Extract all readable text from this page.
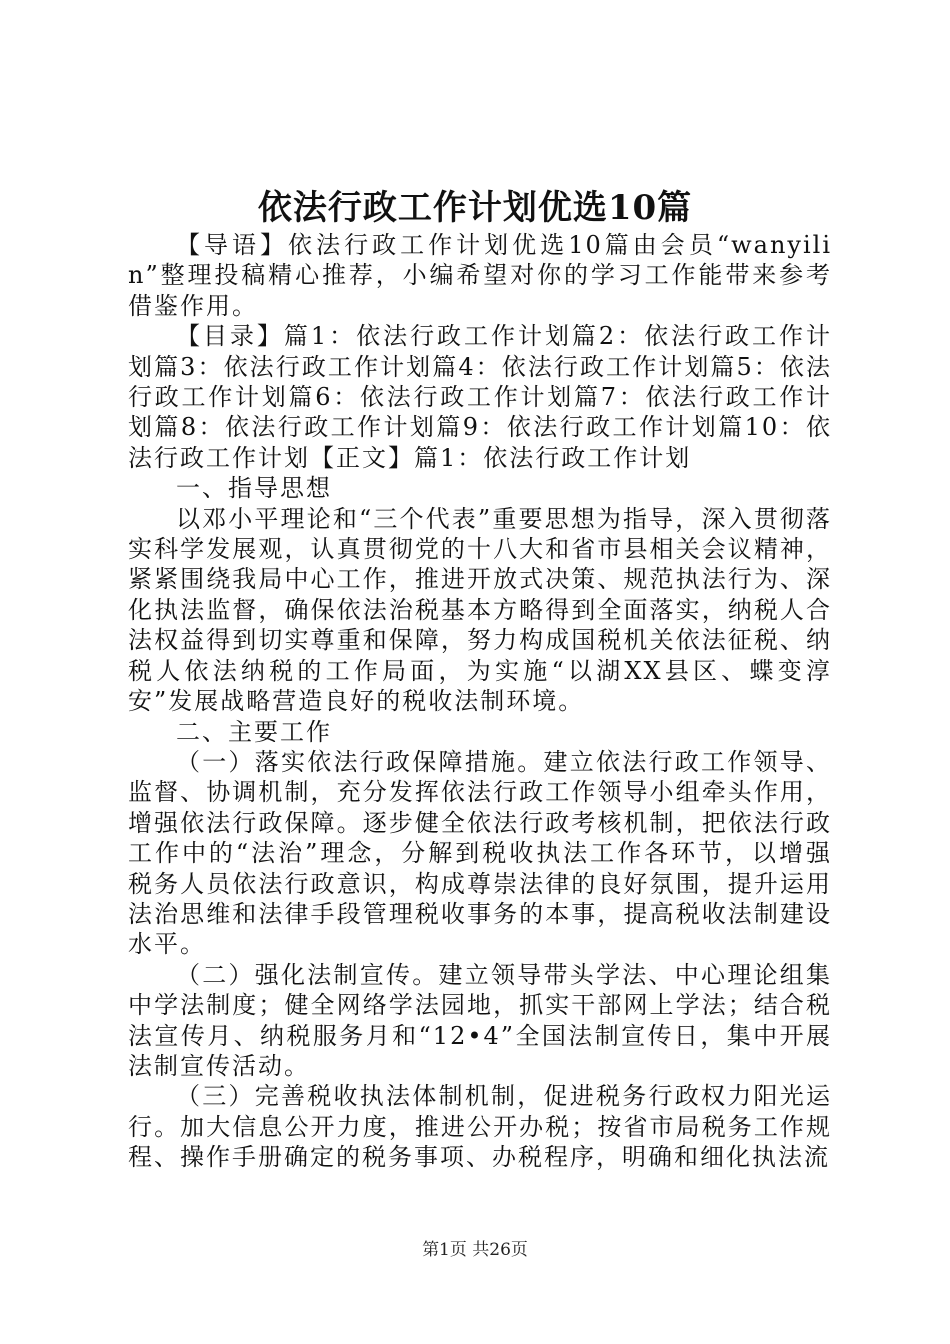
依法行政工作计划优选10篇

【导语】依法行政工作计划优选10篇由会员“wanyilin”整理投稿精心推荐，小编希望对你的学习工作能带来参考借鉴作用。

【目录】篇1：依法行政工作计划篇2：依法行政工作计划篇3：依法行政工作计划篇4：依法行政工作计划篇5：依法行政工作计划篇6：依法行政工作计划篇7：依法行政工作计划篇8：依法行政工作计划篇9：依法行政工作计划篇10：依法行政工作计划【正文】篇1：依法行政工作计划

一、指导思想

以邓小平理论和“三个代表”重要思想为指导，深入贯彻落实科学发展观，认真贯彻党的十八大和省市县相关会议精神，紧紧围绕我局中心工作，推进开放式决策、规范执法行为、深化执法监督，确保依法治税基本方略得到全面落实，纳税人合法权益得到切实尊重和保障，努力构成国税机关依法征税、纳税人依法纳税的工作局面，为实施“以湖XX县区、蝶变淳安”发展战略营造良好的税收法制环境。

二、主要工作

（一）落实依法行政保障措施。建立依法行政工作领导、监督、协调机制，充分发挥依法行政工作领导小组牵头作用，增强依法行政保障。逐步健全依法行政考核机制，把依法行政工作中的“法治”理念，分解到税收执法工作各环节，以增强税务人员依法行政意识，构成尊崇法律的良好氛围，提升运用法治思维和法律手段管理税收事务的本事，提高税收法制建设水平。

（二）强化法制宣传。建立领导带头学法、中心理论组集中学法制度；健全网络学法园地，抓实干部网上学法；结合税法宣传月、纳税服务月和“12•4”全国法制宣传日，集中开展法制宣传活动。

（三）完善税收执法体制机制，促进税务行政权力阳光运行。加大信息公开力度，推进公开办税；按省市局税务工作规程、操作手册确定的税务事项、办税程序，明确和细化执法流

第1页 共26页
